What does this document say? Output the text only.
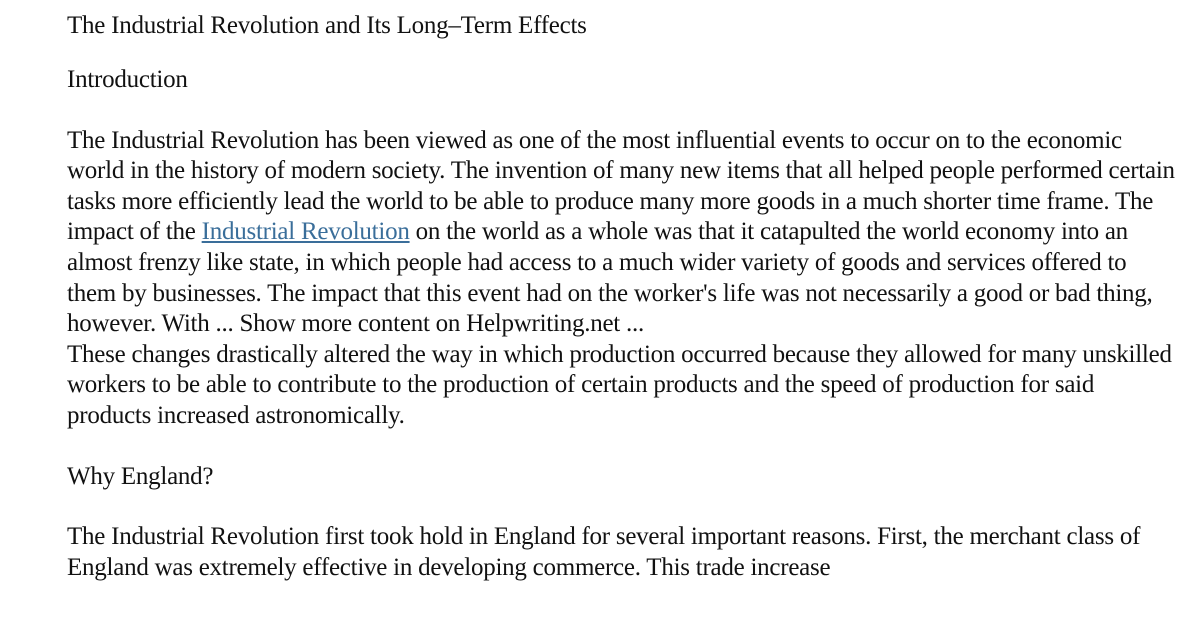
The Industrial Revolution and Its Long–Term Effects
Introduction

The Industrial Revolution has been viewed as one of the most influential events to occur on to the economic world in the history of modern society. The invention of many new items that all helped people performed certain tasks more efficiently lead the world to be able to produce many more goods in a much shorter time frame. The impact of the Industrial Revolution on the world as a whole was that it catapulted the world economy into an almost frenzy like state, in which people had access to a much wider variety of goods and services offered to them by businesses. The impact that this event had on the worker's life was not necessarily a good or bad thing, however. With ... Show more content on Helpwriting.net ...

These changes drastically altered the way in which production occurred because they allowed for many unskilled workers to be able to contribute to the production of certain products and the speed of production for said products increased astronomically.

Why England?

The Industrial Revolution first took hold in England for several important reasons. First, the merchant class of England was extremely effective in developing commerce. This trade increase
